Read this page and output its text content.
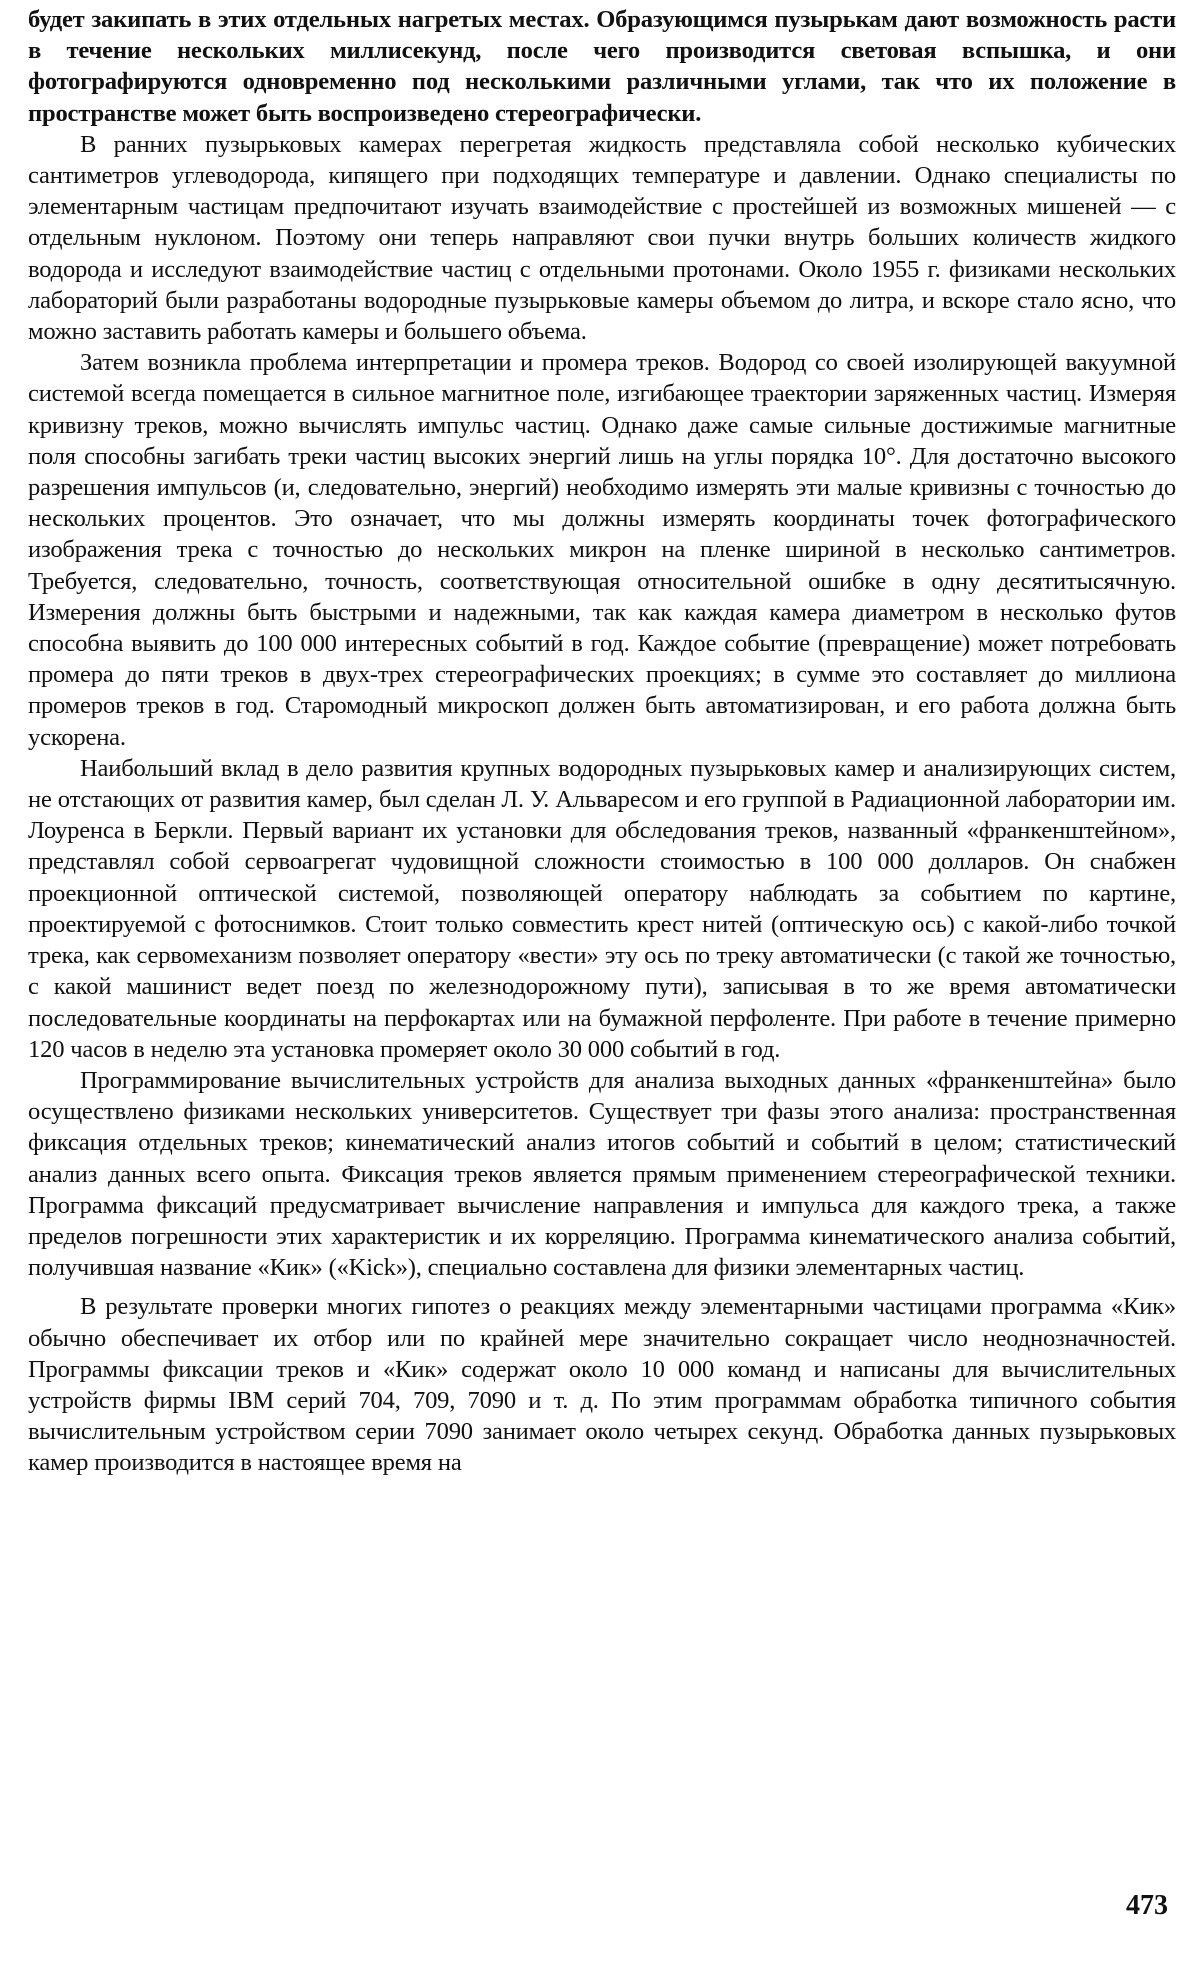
будет закипать в этих отдельных нагретых местах. Образующимся пузырькам дают возможность расти в течение нескольких миллисекунд, после чего производится световая вспышка, и они фотографируются одновременно под несколькими различными углами, так что их положение в пространстве может быть воспроизведено стереографически.

В ранних пузырьковых камерах перегретая жидкость представляла собой несколько кубических сантиметров углеводорода, кипящего при подходящих температуре и давлении. Однако специалисты по элементарным частицам предпочитают изучать взаимодействие с простейшей из возможных мишеней — с отдельным нуклоном. Поэтому они теперь направляют свои пучки внутрь больших количеств жидкого водорода и исследуют взаимодействие частиц с отдельными протонами. Около 1955 г. физиками нескольких лабораторий были разработаны водородные пузырьковые камеры объемом до литра, и вскоре стало ясно, что можно заставить работать камеры и большего объема.

Затем возникла проблема интерпретации и промера треков. Водород со своей изолирующей вакуумной системой всегда помещается в сильное магнитное поле, изгибающее траектории заряженных частиц. Измеряя кривизну треков, можно вычислять импульс частиц. Однако даже самые сильные достижимые магнитные поля способны загибать треки частиц высоких энергий лишь на углы порядка 10°. Для достаточно высокого разрешения импульсов (и, следовательно, энергий) необходимо измерять эти малые кривизны с точностью до нескольких процентов. Это означает, что мы должны измерять координаты точек фотографического изображения трека с точностью до нескольких микрон на пленке шириной в несколько сантиметров. Требуется, следовательно, точность, соответствующая относительной ошибке в одну десятитысячную. Измерения должны быть быстрыми и надежными, так как каждая камера диаметром в несколько футов способна выявить до 100 000 интересных событий в год. Каждое событие (превращение) может потребовать промера до пяти треков в двух-трех стереографических проекциях; в сумме это составляет до миллиона промеров треков в год. Старомодный микроскоп должен быть автоматизирован, и его работа должна быть ускорена.

Наибольший вклад в дело развития крупных водородных пузырьковых камер и анализирующих систем, не отстающих от развития камер, был сделан Л. У. Альваресом и его группой в Радиационной лаборатории им. Лоуренса в Беркли. Первый вариант их установки для обследования треков, названный «франкенштейном», представлял собой сервоагрегат чудовищной сложности стоимостью в 100 000 долларов. Он снабжен проекционной оптической системой, позволяющей оператору наблюдать за событием по картине, проектируемой с фотоснимков. Стоит только совместить крест нитей (оптическую ось) с какой-либо точкой трека, как сервомеханизм позволяет оператору «вести» эту ось по треку автоматически (с такой же точностью, с какой машинист ведет поезд по железнодорожному пути), записывая в то же время автоматически последовательные координаты на перфокартах или на бумажной перфоленте. При работе в течение примерно 120 часов в неделю эта установка промеряет около 30 000 событий в год.

Программирование вычислительных устройств для анализа выходных данных «франкенштейна» было осуществлено физиками нескольких университетов. Существует три фазы этого анализа: пространственная фиксация отдельных треков; кинематический анализ итогов событий и событий в целом; статистический анализ данных всего опыта. Фиксация треков является прямым применением стереографической техники. Программа фиксаций предусматривает вычисление направления и импульса для каждого трека, а также пределов погрешности этих характеристик и их корреляцию. Программа кинематического анализа событий, получившая название «Кик» («Kick»), специально составлена для физики элементарных частиц.

В результате проверки многих гипотез о реакциях между элементарными частицами программа «Кик» обычно обеспечивает их отбор или по крайней мере значительно сокращает число неоднозначностей. Программы фиксации треков и «Кик» содержат около 10 000 команд и написаны для вычислительных устройств фирмы IBM серий 704, 709, 7090 и т. д. По этим программам обработка типичного события вычислительным устройством серии 7090 занимает около четырех секунд. Обработка данных пузырьковых камер производится в настоящее время на

473
